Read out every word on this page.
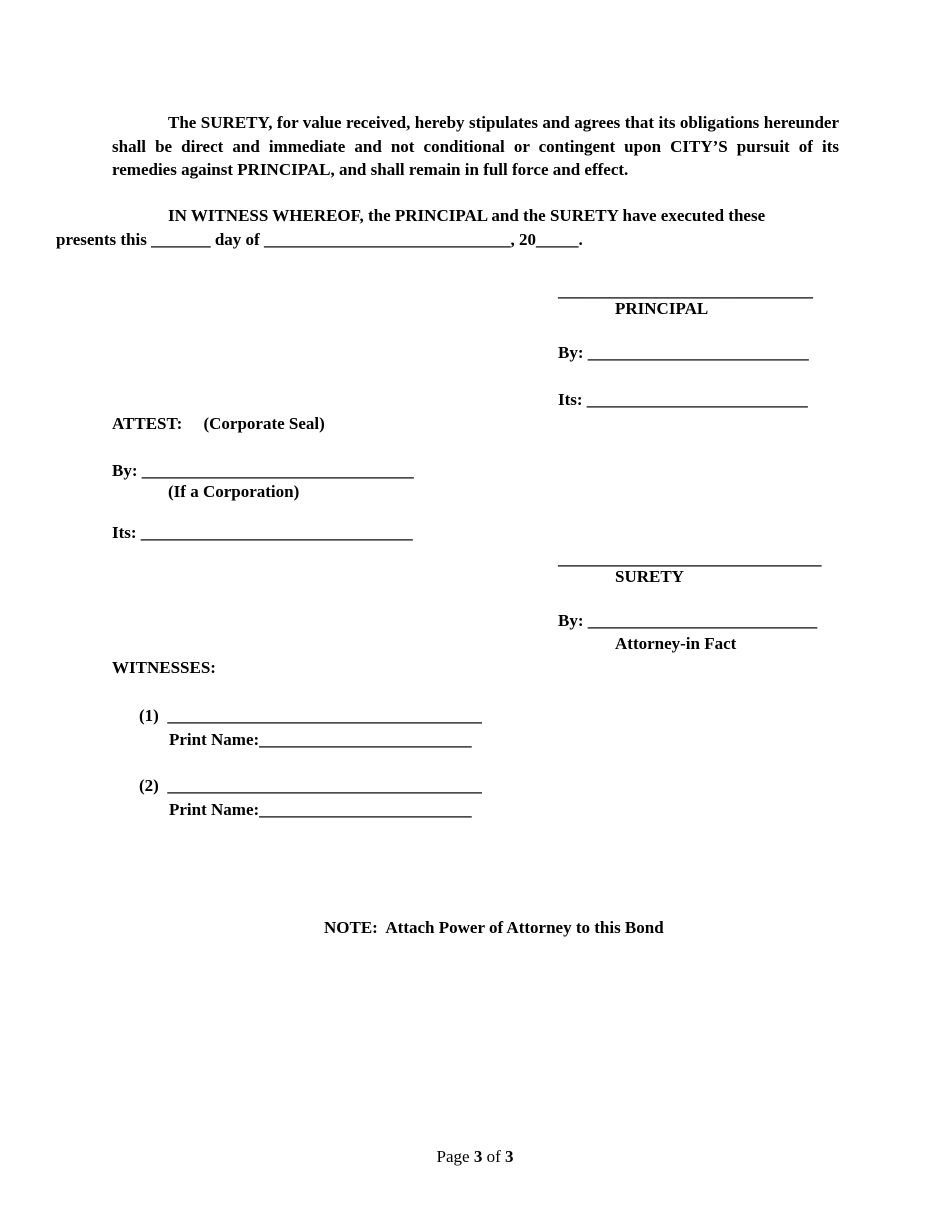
The SURETY, for value received, hereby stipulates and agrees that its obligations hereunder shall be direct and immediate and not conditional or contingent upon CITY’S pursuit of its remedies against PRINCIPAL, and shall remain in full force and effect.
IN WITNESS WHEREOF, the PRINCIPAL and the SURETY have executed these
presents this _______ day of _____________________________, 20_____.
______________________________
PRINCIPAL
By: __________________________
Its: __________________________
ATTEST:     (Corporate Seal)
By: ________________________________
(If a Corporation)
Its: ________________________________
_______________________________
SURETY
By: ___________________________
Attorney-in Fact
WITNESSES:
(1)  _____________________________________
Print Name:_________________________
(2)  _____________________________________
Print Name:_________________________
NOTE:  Attach Power of Attorney to this Bond
Page 3 of 3
